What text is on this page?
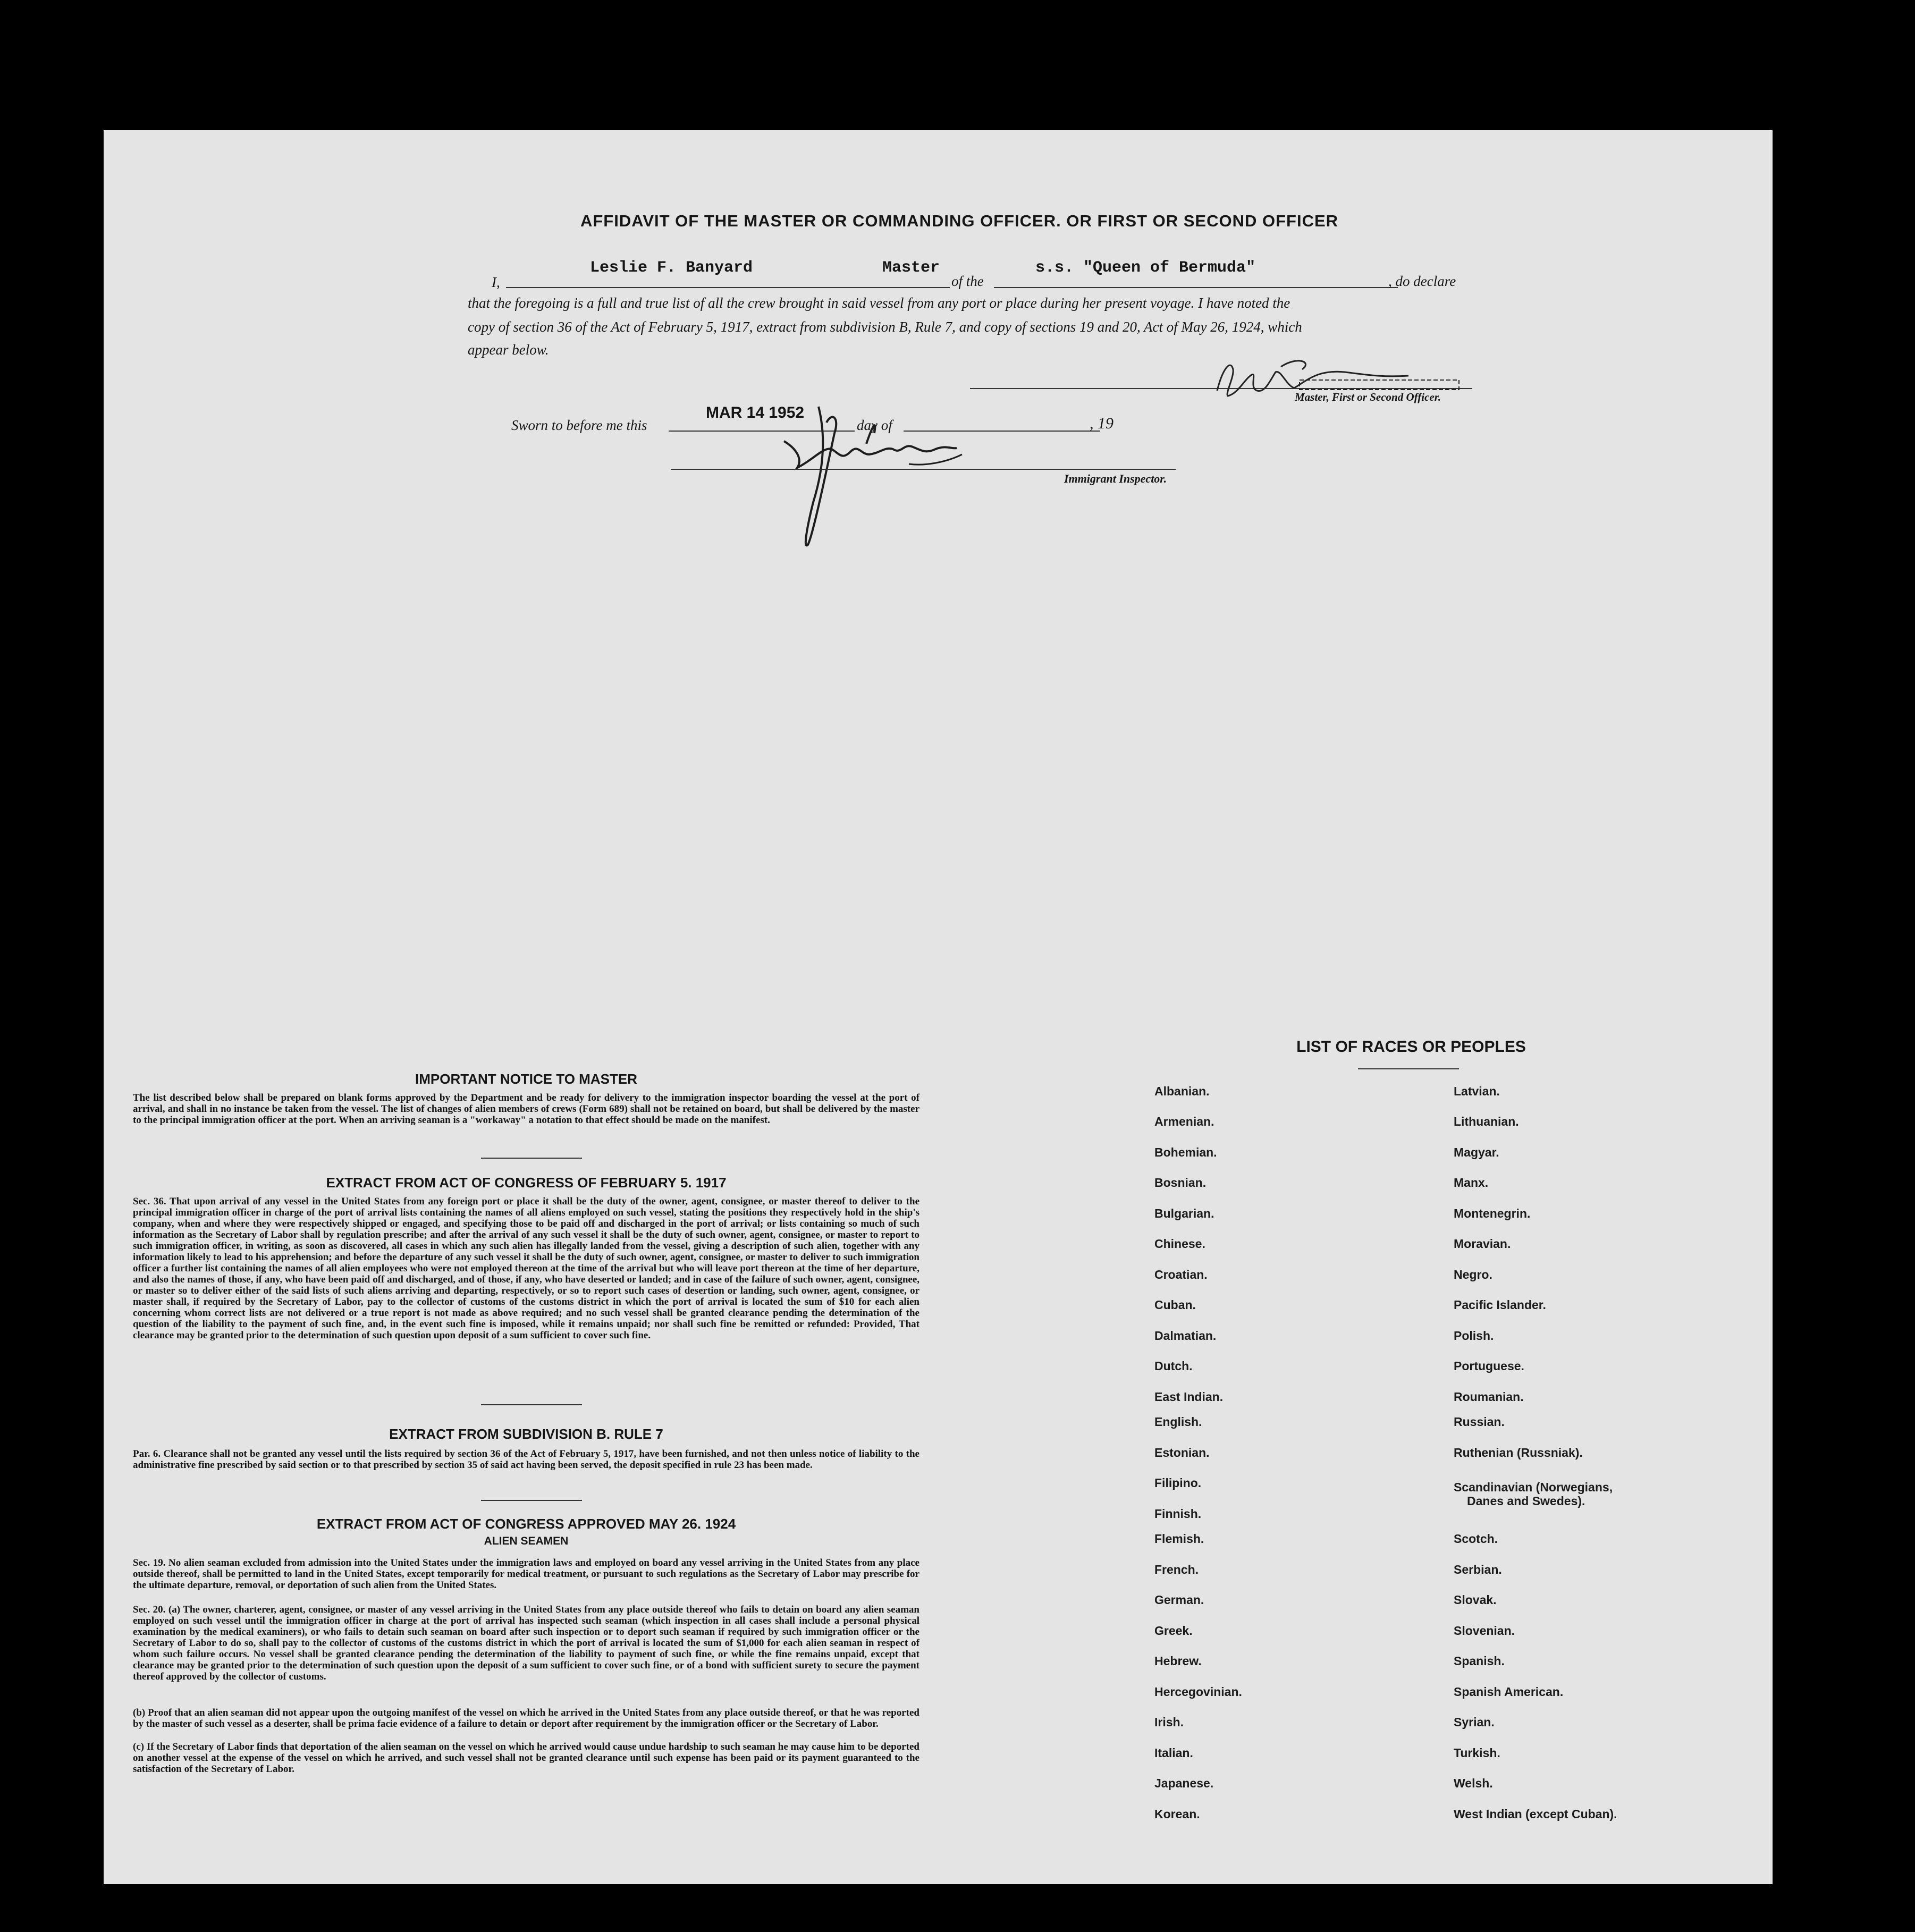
AFFIDAVIT OF THE MASTER OR COMMANDING OFFICER. OR FIRST OR SECOND OFFICER
I,
Leslie F. Banyard	Master
of the
s.s. "Queen of Bermuda"
, do declare
that the foregoing is a full and true list of all the crew brought in said vessel from any port or place during her present voyage. I have noted the
copy of section 36 of the Act of February 5, 1917, extract from subdivision B, Rule 7, and copy of sections 19 and 20, Act of May 26, 1924, which
appear below.
Master, First or Second Officer.
Sworn to before me this
MAR 14 1952
day of	, 19
Immigrant Inspector.
IMPORTANT NOTICE TO MASTER
The list described below shall be prepared on blank forms approved by the Department and be ready for delivery to the immigration inspector boarding the vessel at the port of arrival, and shall in no instance be taken from the vessel. The list of changes of alien members of crews (Form 689) shall not be retained on board, but shall be delivered by the master to the principal immigration officer at the port. When an arriving seaman is a "workaway" a notation to that effect should be made on the manifest.
EXTRACT FROM ACT OF CONGRESS OF FEBRUARY 5. 1917
Sec. 36. That upon arrival of any vessel in the United States from any foreign port or place it shall be the duty of the owner, agent, consignee, or master thereof to deliver to the principal immigration officer in charge of the port of arrival lists containing the names of all aliens employed on such vessel, stating the positions they respectively hold in the ship's company, when and where they were respectively shipped or engaged, and specifying those to be paid off and discharged in the port of arrival; or lists containing so much of such information as the Secretary of Labor shall by regulation prescribe; and after the arrival of any such vessel it shall be the duty of such owner, agent, consignee, or master to report to such immigration officer, in writing, as soon as discovered, all cases in which any such alien has illegally landed from the vessel, giving a description of such alien, together with any information likely to lead to his apprehension; and before the departure of any such vessel it shall be the duty of such owner, agent, consignee, or master to deliver to such immigration officer a further list containing the names of all alien employees who were not employed thereon at the time of the arrival but who will leave port thereon at the time of her departure, and also the names of those, if any, who have been paid off and discharged, and of those, if any, who have deserted or landed; and in case of the failure of such owner, agent, consignee, or master so to deliver either of the said lists of such aliens arriving and departing, respectively, or so to report such cases of desertion or landing, such owner, agent, consignee, or master shall, if required by the Secretary of Labor, pay to the collector of customs of the customs district in which the port of arrival is located the sum of $10 for each alien concerning whom correct lists are not delivered or a true report is not made as above required; and no such vessel shall be granted clearance pending the determination of the question of the liability to the payment of such fine, and, in the event such fine is imposed, while it remains unpaid; nor shall such fine be remitted or refunded: Provided, That clearance may be granted prior to the determination of such question upon deposit of a sum sufficient to cover such fine.
EXTRACT FROM SUBDIVISION B. RULE 7
Par. 6. Clearance shall not be granted any vessel until the lists required by section 36 of the Act of February 5, 1917, have been furnished, and not then unless notice of liability to the administrative fine prescribed by said section or to that prescribed by section 35 of said act having been served, the deposit specified in rule 23 has been made.
EXTRACT FROM ACT OF CONGRESS APPROVED MAY 26. 1924
ALIEN SEAMEN
Sec. 19. No alien seaman excluded from admission into the United States under the immigration laws and employed on board any vessel arriving in the United States from any place outside thereof, shall be permitted to land in the United States, except temporarily for medical treatment, or pursuant to such regulations as the Secretary of Labor may prescribe for the ultimate departure, removal, or deportation of such alien from the United States.
Sec. 20. (a) The owner, charterer, agent, consignee, or master of any vessel arriving in the United States from any place outside thereof who fails to detain on board any alien seaman employed on such vessel until the immigration officer in charge at the port of arrival has inspected such seaman (which inspection in all cases shall include a personal physical examination by the medical examiners), or who fails to detain such seaman on board after such inspection or to deport such seaman if required by such immigration officer or the Secretary of Labor to do so, shall pay to the collector of customs of the customs district in which the port of arrival is located the sum of $1,000 for each alien seaman in respect of whom such failure occurs. No vessel shall be granted clearance pending the determination of the liability to payment of such fine, or while the fine remains unpaid, except that clearance may be granted prior to the determination of such question upon the deposit of a sum sufficient to cover such fine, or of a bond with sufficient surety to secure the payment thereof approved by the collector of customs.
(b) Proof that an alien seaman did not appear upon the outgoing manifest of the vessel on which he arrived in the United States from any place outside thereof, or that he was reported by the master of such vessel as a deserter, shall be prima facie evidence of a failure to detain or deport after requirement by the immigration officer or the Secretary of Labor.
(c) If the Secretary of Labor finds that deportation of the alien seaman on the vessel on which he arrived would cause undue hardship to such seaman he may cause him to be deported on another vessel at the expense of the vessel on which he arrived, and such vessel shall not be granted clearance until such expense has been paid or its payment guaranteed to the satisfaction of the Secretary of Labor.
LIST OF RACES OR PEOPLES
Albanian.
Armenian.
Bohemian.
Bosnian.
Bulgarian.
Chinese.
Croatian.
Cuban.
Dalmatian.
Dutch.
East Indian.
English.
Estonian.
Filipino.
Finnish.
Flemish.
French.
German.
Greek.
Hebrew.
Hercegovinian.
Irish.
Italian.
Japanese.
Korean.
Latvian.
Lithuanian.
Magyar.
Manx.
Montenegrin.
Moravian.
Negro.
Pacific Islander.
Polish.
Portuguese.
Roumanian.
Russian.
Ruthenian (Russniak).
Scandinavian (Norwegians,
Danes and Swedes).
Scotch.
Serbian.
Slovak.
Slovenian.
Spanish.
Spanish American.
Syrian.
Turkish.
Welsh.
West Indian (except Cuban).
